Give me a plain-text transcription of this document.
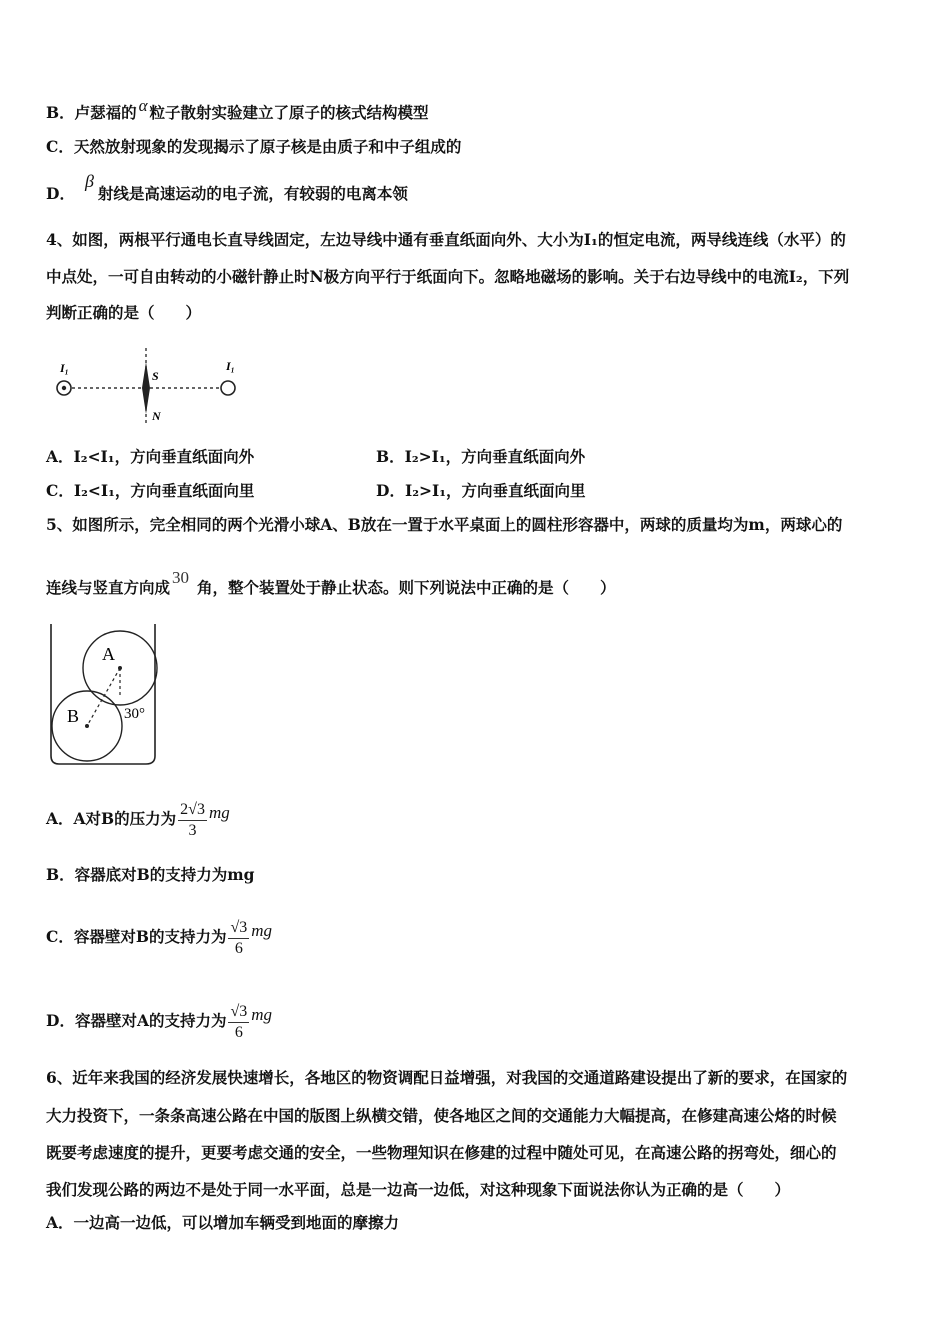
B．卢瑟福的 α 粒子散射实验建立了原子的核式结构模型
C．天然放射现象的发现揭示了原子核是由质子和中子组成的
D．β射线是高速运动的电子流，有较弱的电离本领
4、如图，两根平行通电长直导线固定，左边导线中通有垂直纸面向外、大小为I₁的恒定电流，两导线连线（水平）的
中点处，一可自由转动的小磁针静止时N极方向平行于纸面向下。忽略地磁场的影响。关于右边导线中的电流I₂，下列
判断正确的是（　　）
I₁
S
N
I₁
A．I₂<I₁，方向垂直纸面向外	B．I₂>I₁，方向垂直纸面向外
C．I₂<I₁，方向垂直纸面向里	D．I₂>I₁，方向垂直纸面向里
5、如图所示，完全相同的两个光滑小球A、B放在一置于水平桌面上的圆柱形容器中，两球的质量均为m，两球心的
连线与竖直方向成30角，整个装置处于静止状态。则下列说法中正确的是（　　）
A
B	30°
A．A对B的压力为 $\frac{2√3}{3}$ mg
B．容器底对B的支持力为mg
C．容器壁对B的支持力为 $\frac{√3}{6}$ mg
D．容器壁对A的支持力为 $\frac{√3}{6}$ mg
6、近年来我国的经济发展快速增长，各地区的物资调配日益增强，对我国的交通道路建设提出了新的要求，在国家的
大力投资下，一条条高速公路在中国的版图上纵横交错，使各地区之间的交通能力大幅提高，在修建高速公烙的时候
既要考虑速度的提升，更要考虑交通的安全，一些物理知识在修建的过程中随处可见，在高速公路的拐弯处，细心的
我们发现公路的两边不是处于同一水平面，总是一边高一边低，对这种现象下面说法你认为正确的是（　　）
A．一边高一边低，可以增加车辆受到地面的摩擦力
